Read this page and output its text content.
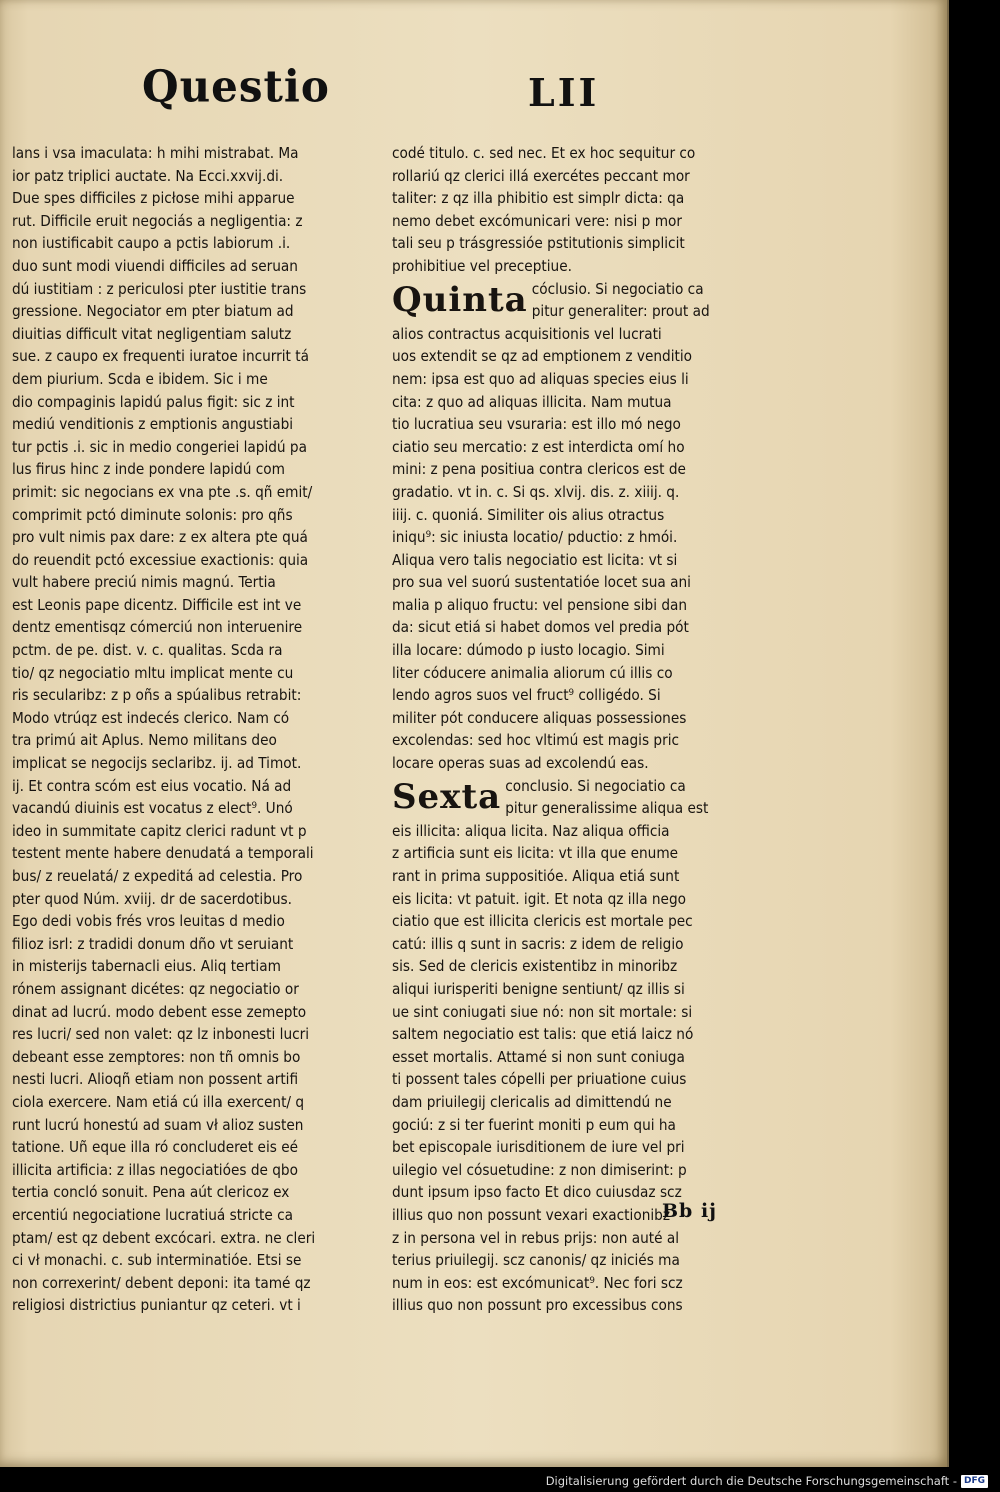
Questio	LII
lans i vsa imaculata: h mihi mistrabat. Ma
ior patz triplici auctate. Na Ecci.xxvij.di.
Due spes difficiles z picłose mihi apparue
rut. Difficile eruit negociás a negligentia: z
non iustificabit caupo a pctis labiorum .i.
duo sunt modi viuendi difficiles ad seruan
dú iustitiam : z periculosi pter iustitie trans
gressione. Negociator em pter biatum ad
diuitias difficult vitat negligentiam salutz
sue. z caupo ex frequenti iuratoe incurrit tá
dem piurium. Scda e ibidem. Sic i me
dio compaginis lapidú palus figit: sic z int
mediú venditionis z emptionis angustiabi
tur pctis .i. sic in medio congeriei lapidú pa
lus firus hinc z inde pondere lapidú com
primit: sic negocians ex vna pte .s. qñ emit/
comprimit pctó diminute solonis: pro qñs
pro vult nimis pax dare: z ex altera pte quá
do reuendit pctó excessiue exactionis: quia
vult habere preciú nimis magnú. Tertia
est Leonis pape dicentz. Difficile est int ve
dentz ementisqz cómerciú non interuenire
pctm. de pe. dist. v. c. qualitas. Scda ra
tio/ qz negociatio mltu implicat mente cu
ris secularibz: z p oñs a spúalibus retrabit:
Modo vtrúqz est indecés clerico. Nam có
tra primú ait Aplus. Nemo militans deo
implicat se negocijs seclaribz. ij. ad Timot.
ij. Et contra scóm est eius vocatio. Ná ad
vacandú diuinis est vocatus z elect⁹. Unó
ideo in summitate capitz clerici radunt vt p
testent mente habere denudatá a temporali
bus/ z reuelatá/ z expeditá ad celestia. Pro
pter quod Núm. xviij. dr de sacerdotibus.
Ego dedi vobis frés vros leuitas d medio
filioz isrl: z tradidi donum dño vt seruiant
in misterijs tabernacli eius. Aliq tertiam
rónem assignant dicétes: qz negociatio or
dinat ad lucrú. modo debent esse zemepto
res lucri/ sed non valet: qz lz inbonesti lucri
debeant esse zemptores: non tñ omnis bo
nesti lucri. Alioqñ etiam non possent artifi
ciola exercere. Nam etiá cú illa exercent/ q
runt lucrú honestú ad suam vł alioz susten
tatione. Uñ eque illa ró concluderet eis eé
illicita artificia: z illas negociatióes de qbo
tertia concló sonuit. Pena aút clericoz ex
ercentiú negociatione lucratiuá stricte ca
ptam/ est qz debent excócari. extra. ne cleri
ci vł monachi. c. sub interminatióe. Etsi se
non correxerint/ debent deponi: ita tamé qz
religiosi districtius puniantur qz ceteri. vt i
codé titulo. c. sed nec. Et ex hoc sequitur co
rollariú qz clerici illá exercétes peccant mor
taliter: z qz illa phibitio est simplr dicta: qa
nemo debet excómunicari vere: nisi p mor
tali seu p trásgressióe pstitutionis simplicit
prohibitiue vel preceptiue.
Quinta cóclusio. Si negociatio ca
pitur generaliter: prout ad
alios contractus acquisitionis vel lucrati
uos extendit se qz ad emptionem z venditio
nem: ipsa est quo ad aliquas species eius li
cita: z quo ad aliquas illicita. Nam mutua
tio lucratiua seu vsuraria: est illo mó nego
ciatio seu mercatio: z est interdicta omí ho
mini: z pena positiua contra clericos est de
gradatio. vt in. c. Si qs. xlvij. dis. z. xiiij. q.
iiij. c. quoniá. Similiter ois alius otractus
iniqu⁹: sic iniusta locatio/ pductio: z hmói.
Aliqua vero talis negociatio est licita: vt si
pro sua vel suorú sustentatióe locet sua ani
malia p aliquo fructu: vel pensione sibi dan
da: sicut etiá si habet domos vel predia pót
illa locare: dúmodo p iusto locagio. Simi
liter códucere animalia aliorum cú illis co
lendo agros suos vel fruct⁹ colligédo. Si
militer pót conducere aliquas possessiones
excolendas: sed hoc vltimú est magis pric
locare operas suas ad excolendú eas.
Sexta conclusio. Si negociatio ca
pitur generalissime aliqua est
eis illicita: aliqua licita. Naz aliqua officia
z artificia sunt eis licita: vt illa que enume
rant in prima suppositióe. Aliqua etiá sunt
eis licita: vt patuit. igit. Et nota qz illa nego
ciatio que est illicita clericis est mortale pec
catú: illis q sunt in sacris: z idem de religio
sis. Sed de clericis existentibz in minoribz
aliqui iurisperiti benigne sentiunt/ qz illis si
ue sint coniugati siue nó: non sit mortale: si
saltem negociatio est talis: que etiá laicz nó
esset mortalis. Attamé si non sunt coniuga
ti possent tales cópelli per priuatione cuius
dam priuilegij clericalis ad dimittendú ne
gociú: z si ter fuerint moniti p eum qui ha
bet episcopale iurisditionem de iure vel pri
uilegio vel cósuetudine: z non dimiserint: p
dunt ipsum ipso facto Et dico cuiusdaz scz
illius quo non possunt vexari exactionibz
z in persona vel in rebus prijs: non auté al
terius priuilegij. scz canonis/ qz iniciés ma
num in eos: est excómunicat⁹. Nec fori scz
illius quo non possunt pro excessibus cons
Bb ij
Digitalisierung gefördert durch die Deutsche Forschungsgemeinschaft - DFG
